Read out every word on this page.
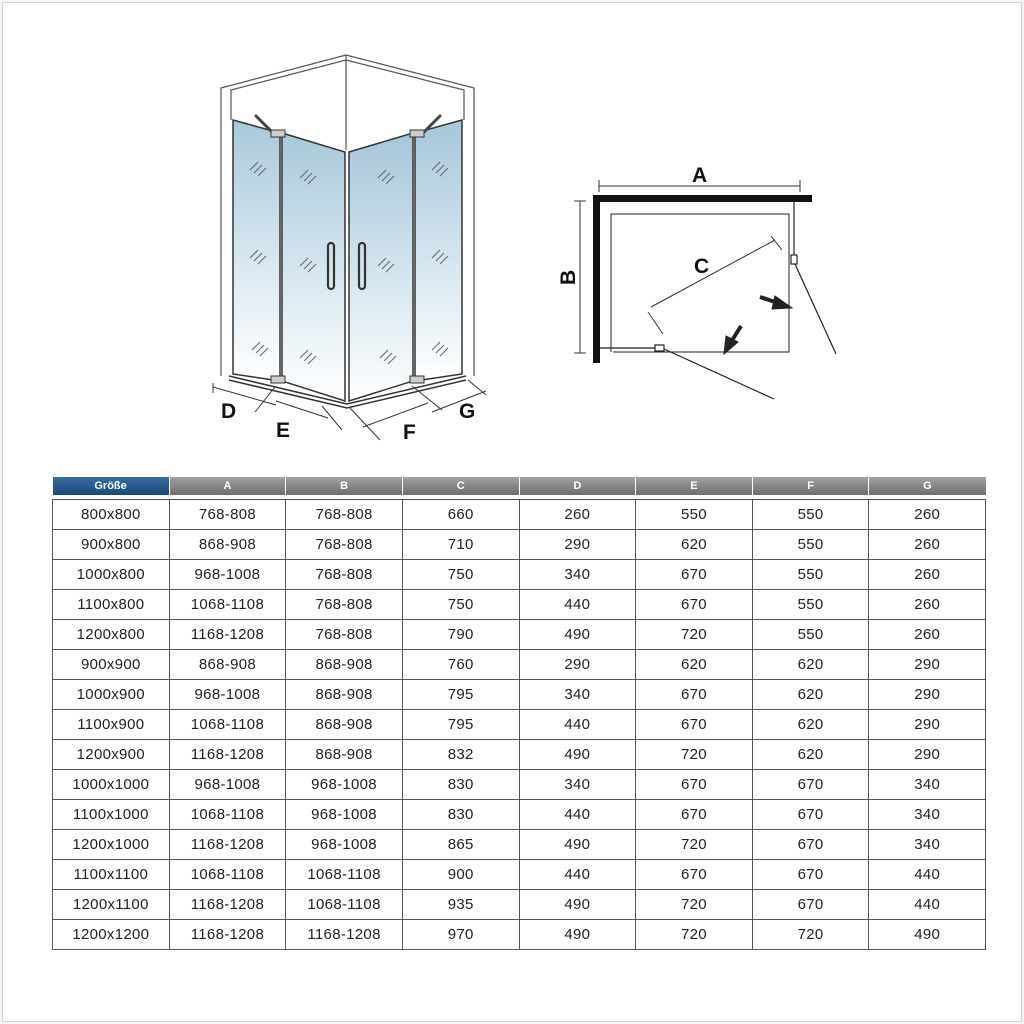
D
E	F
G
A
B	C
Größe	A	B	C	D	E	F	G

800x800	768-808	768-808	660	260	550	550	260
900x800	868-908	768-808	710	290	620	550	260
1000x800	968-1008	768-808	750	340	670	550	260
1100x800	1068-1108	768-808	750	440	670	550	260
1200x800	1168-1208	768-808	790	490	720	550	260
900x900	868-908	868-908	760	290	620	620	290
1000x900	968-1008	868-908	795	340	670	620	290
1100x900	1068-1108	868-908	795	440	670	620	290
1200x900	1168-1208	868-908	832	490	720	620	290
1000x1000	968-1008	968-1008	830	340	670	670	340
1100x1000	1068-1108	968-1008	830	440	670	670	340
1200x1000	1168-1208	968-1008	865	490	720	670	340
1100x1100	1068-1108	1068-1108	900	440	670	670	440
1200x1100	1168-1208	1068-1108	935	490	720	670	440
1200x1200	1168-1208	1168-1208	970	490	720	720	490
